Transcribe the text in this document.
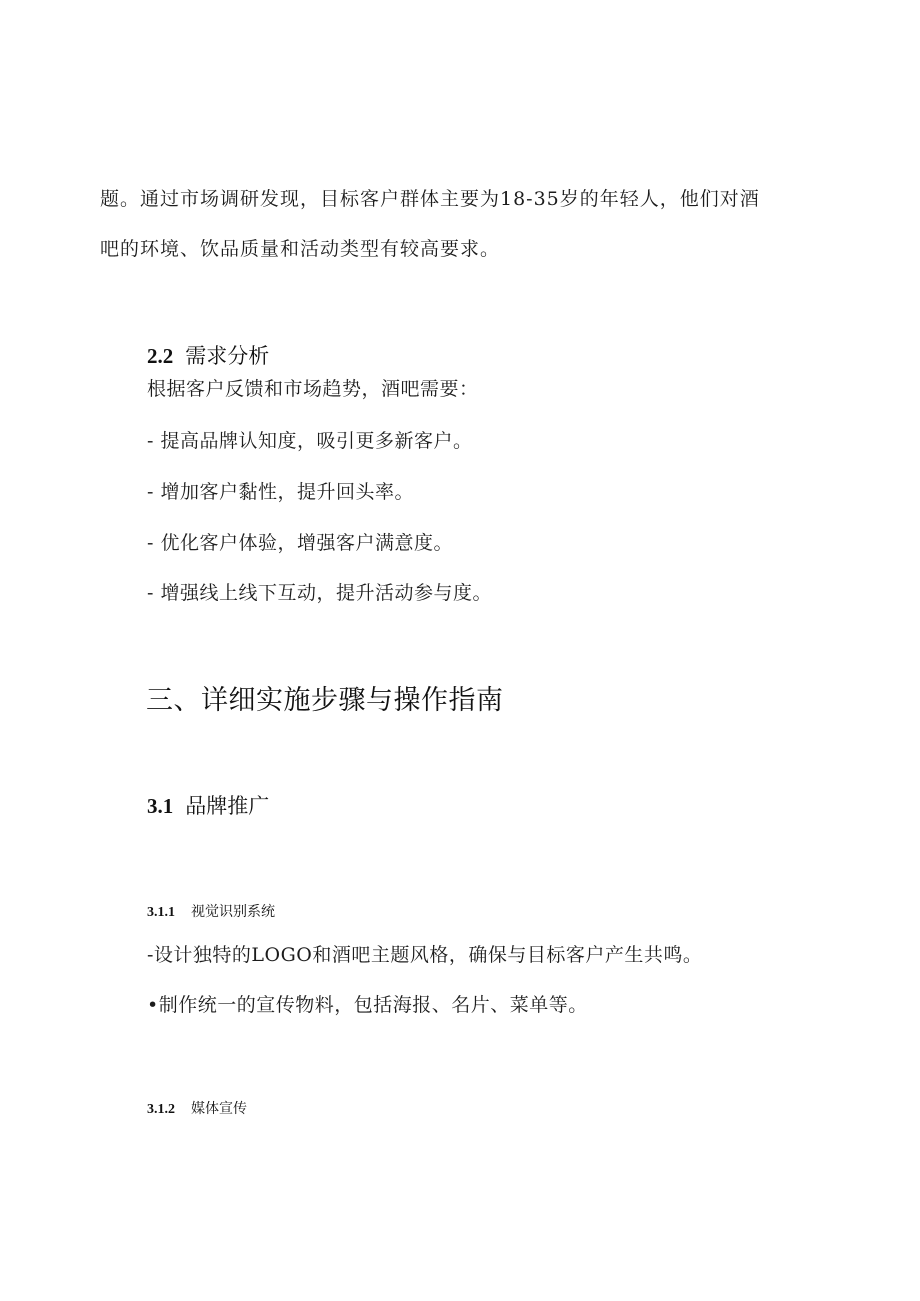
题。通过市场调研发现，目标客户群体主要为18-35岁的年轻人，他们对酒
吧的环境、饮品质量和活动类型有较高要求。
2.2 需求分析
根据客户反馈和市场趋势，酒吧需要：
- 提高品牌认知度，吸引更多新客户。
- 增加客户黏性，提升回头率。
- 优化客户体验，增强客户满意度。
- 增强线上线下互动，提升活动参与度。
三、详细实施步骤与操作指南
3.1 品牌推广
3.1.1 视觉识别系统
-设计独特的LOGO和酒吧主题风格，确保与目标客户产生共鸣。
•制作统一的宣传物料，包括海报、名片、菜单等。
3.1.2 媒体宣传
